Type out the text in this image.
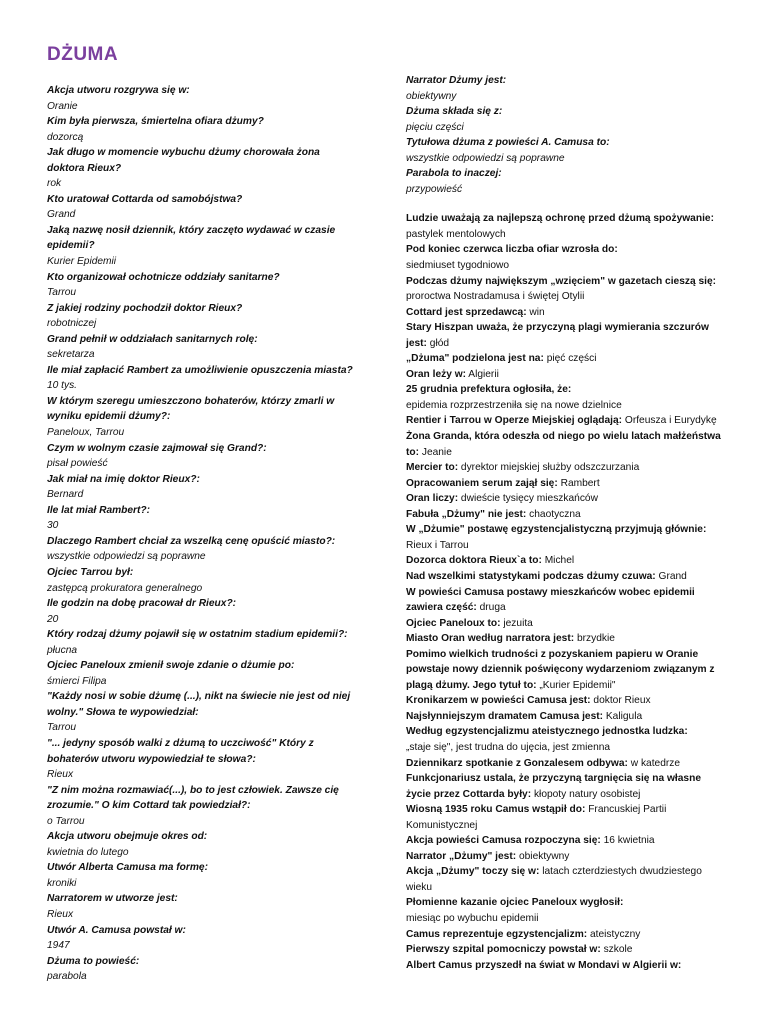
DŻUMA

Akcja utworu rozgrywa się w:

Oranie

Kim była pierwsza, śmiertelna ofiara dżumy?

dozorcą

Jak długo w momencie wybuchu dżumy chorowała żona doktora Rieux?

rok

Kto uratował Cottarda od samobójstwa?

Grand

Jaką nazwę nosił dziennik, który zaczęto wydawać w czasie epidemii?

Kurier Epidemii

Kto organizował ochotnicze oddziały sanitarne?

Tarrou

Z jakiej rodziny pochodził doktor Rieux?

robotniczej

Grand pełnił w oddziałach sanitarnych rolę:

sekretarza

Ile miał zapłacić Rambert za umożliwienie opuszczenia miasta?

10 tys.

W którym szeregu umieszczono bohaterów, którzy zmarli w wyniku epidemii dżumy?:

Paneloux, Tarrou

Czym w wolnym czasie zajmował się Grand?:

pisał powieść

Jak miał na imię doktor Rieux?:

Bernard

Ile lat miał Rambert?:

30

Dlaczego Rambert chciał za wszelką cenę opuścić miasto?:

wszystkie odpowiedzi są poprawne

Ojciec Tarrou był:

zastępcą prokuratora generalnego

Ile godzin na dobę pracował dr Rieux?:

20

Który rodzaj dżumy pojawił się w ostatnim stadium epidemii?:

płucna

Ojciec Paneloux zmienił swoje zdanie o dżumie po:

śmierci Filipa

"Każdy nosi w sobie dżumę (...), nikt na świecie nie jest od niej wolny." Słowa te wypowiedział:

Tarrou

"... jedyny sposób walki z dżumą to uczciwość" Który z bohaterów utworu wypowiedział te słowa?:

Rieux

"Z nim można rozmawiać(...), bo to jest człowiek. Zawsze cię zrozumie." O kim Cottard tak powiedział?:

o Tarrou

Akcja utworu obejmuje okres od:

kwietnia do lutego

Utwór Alberta Camusa ma formę:

kroniki

Narratorem w utworze jest:

Rieux

Utwór A. Camusa powstał w:

1947

Dżuma to powieść:

parabola

Narrator Dżumy jest:

obiektywny

Dżuma składa się z:

pięciu części

Tytułowa dżuma z powieści A. Camusa to:

wszystkie odpowiedzi są poprawne

Parabola to inaczej:

przypowieść

Ludzie uważają za najlepszą ochronę przed dżumą spożywanie:
pastylek mentolowych

Pod koniec czerwca liczba ofiar wzrosła do:
siedmiuset tygodniowo

Podczas dżumy największym „wzięciem" w gazetach cieszą się:
proroctwa Nostradamusa i świętej Otylii

Cottard jest sprzedawcą: win

Stary Hiszpan uważa, że przyczyną plagi wymierania szczurów jest: głód

„Dżuma" podzielona jest na: pięć części

Oran leży w: Algierii

25 grudnia prefektura ogłosiła, że:
epidemia rozprzestrzeniła się na nowe dzielnice

Rentier i Tarrou w Operze Miejskiej oglądają: Orfeusza i Eurydykę

Żona Granda, która odeszła od niego po wielu latach małżeństwa to: Jeanie

Mercier to: dyrektor miejskiej służby odszczurzania

Opracowaniem serum zajął się: Rambert

Oran liczy: dwieście tysięcy mieszkańców

Fabuła „Dżumy" nie jest: chaotyczna

W „Dżumie" postawę egzystencjalistyczną przyjmują głównie:
Rieux i Tarrou

Dozorca doktora Rieux`a to: Michel

Nad wszelkimi statystykami podczas dżumy czuwa: Grand

W powieści Camusa postawy mieszkańców wobec epidemii zawiera część: druga

Ojciec Paneloux to: jezuita

Miasto Oran według narratora jest: brzydkie

Pomimo wielkich trudności z pozyskaniem papieru w Oranie powstaje nowy dziennik poświęcony wydarzeniom związanym z plagą dżumy. Jego tytuł to: „Kurier Epidemii"

Kronikarzem w powieści Camusa jest: doktor Rieux

Najsłynniejszym dramatem Camusa jest: Kaligula

Według egzystencjalizmu ateistycznego jednostka ludzka:
„staje się", jest trudna do ujęcia, jest zmienna

Dziennikarz spotkanie z Gonzalesem odbywa: w katedrze

Funkcjonariusz ustala, że przyczyną targnięcia się na własne życie przez Cottarda były: kłopoty natury osobistej

Wiosną 1935 roku Camus wstąpił do: Francuskiej Partii Komunistycznej

Akcja powieści Camusa rozpoczyna się: 16 kwietnia

Narrator „Dżumy" jest: obiektywny

Akcja „Dżumy" toczy się w: latach czterdziestych dwudziestego wieku

Płomienne kazanie ojciec Paneloux wygłosił:
miesiąc po wybuchu epidemii

Camus reprezentuje egzystencjalizm: ateistyczny

Pierwszy szpital pomocniczy powstał w: szkole

Albert Camus przyszedł na świat w Mondavi w Algierii w:
